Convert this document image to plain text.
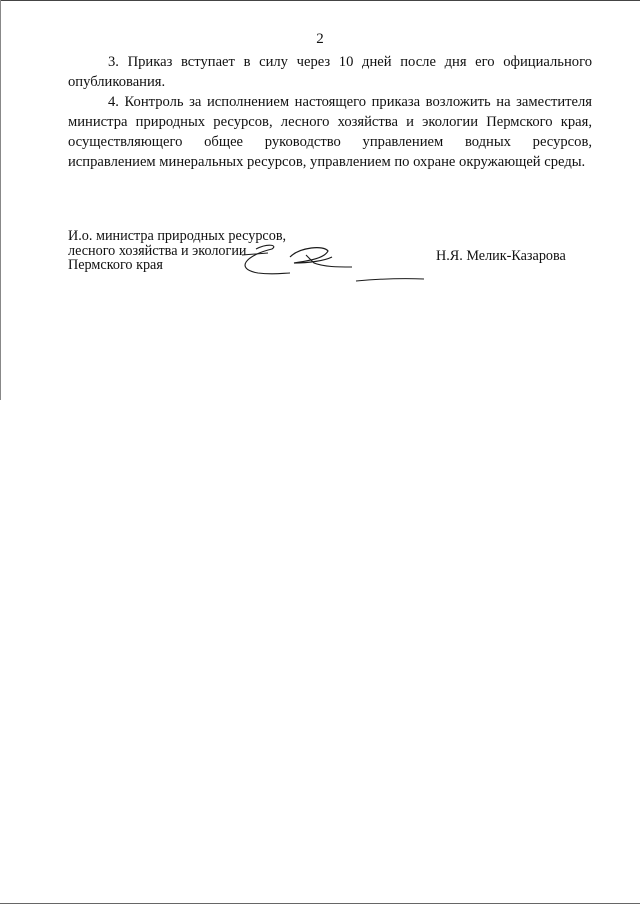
2

3. Приказ вступает в силу через 10 дней после дня его официального опубликования.

4. Контроль за исполнением настоящего приказа возложить на заместителя министра природных ресурсов, лесного хозяйства и экологии Пермского края, осуществляющего общее руководство управлением водных ресурсов, исправлением минеральных ресурсов, управлением по охране окружающей среды.

И.о. министра природных ресурсов,
лесного хозяйства и экологии
Пермского края
Н.Я. Мелик-Казарова
